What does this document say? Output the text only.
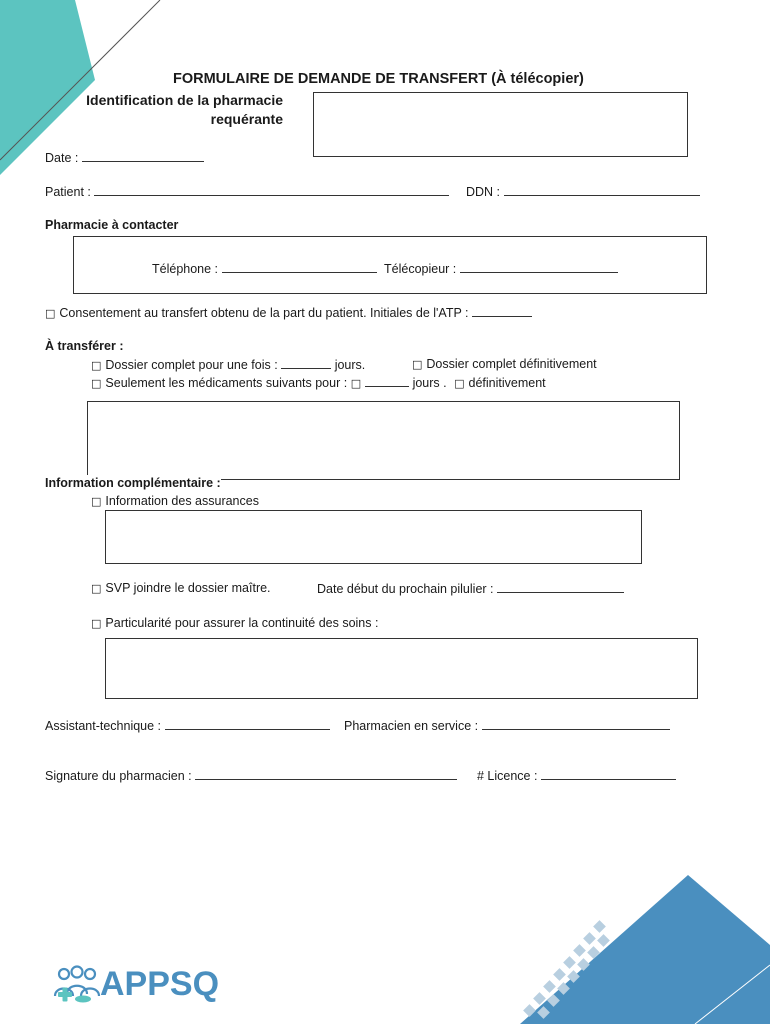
FORMULAIRE DE DEMANDE DE TRANSFERT (À télécopier)
Identification de la pharmacie
requérante
Date :
Patient :	DDN :
Pharmacie à contacter
Téléphone :	Télécopieur :
□ Consentement au transfert obtenu de la part du patient. Initiales de l'ATP :
À transférer :
□ Dossier complet pour une fois :	jours.	□ Dossier complet définitivement
□ Seulement les médicaments suivants pour : □	jours . □ définitivement
Information complémentaire :
□ Information des assurances
□ SVP joindre le dossier maître.	Date début du prochain pilulier :
□ Particularité pour assurer la continuité des soins :
Assistant-technique :	Pharmacien en service :
Signature du pharmacien :	# Licence :
APPSQ
